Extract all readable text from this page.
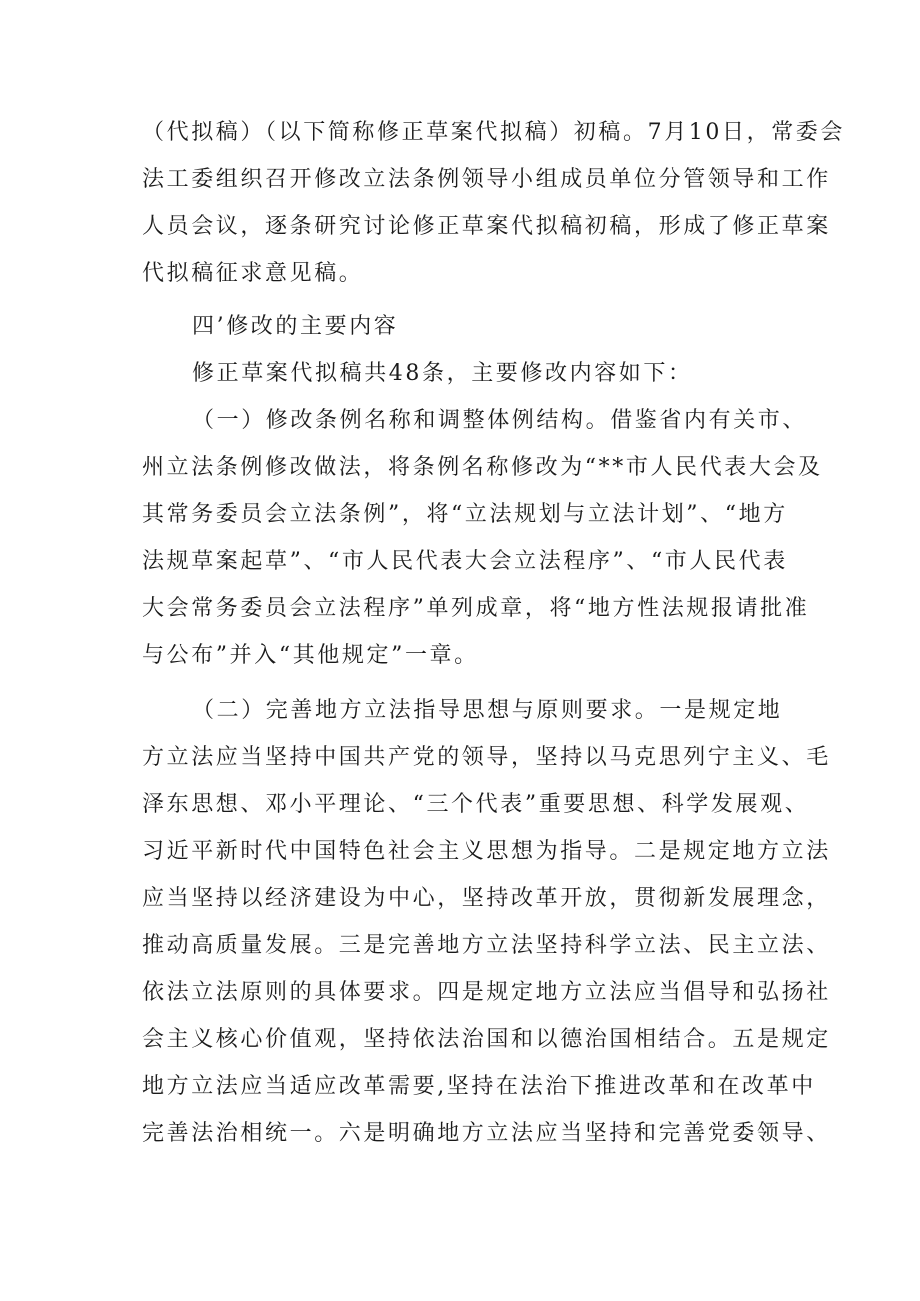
（代拟稿）（以下简称修正草案代拟稿）初稿。7月10日，常委会
法工委组织召开修改立法条例领导小组成员单位分管领导和工作
人员会议，逐条研究讨论修正草案代拟稿初稿，形成了修正草案
代拟稿征求意见稿。
四’修改的主要内容
修正草案代拟稿共48条，主要修改内容如下：
（一）修改条例名称和调整体例结构。借鉴省内有关市、
州立法条例修改做法，将条例名称修改为“**市人民代表大会及
其常务委员会立法条例”，将“立法规划与立法计划”、“地方
法规草案起草”、“市人民代表大会立法程序”、“市人民代表
大会常务委员会立法程序”单列成章，将“地方性法规报请批准
与公布”并入“其他规定”一章。
（二）完善地方立法指导思想与原则要求。一是规定地
方立法应当坚持中国共产党的领导，坚持以马克思列宁主义、毛
泽东思想、邓小平理论、“三个代表”重要思想、科学发展观、
习近平新时代中国特色社会主义思想为指导。二是规定地方立法
应当坚持以经济建设为中心，坚持改革开放，贯彻新发展理念，
推动高质量发展。三是完善地方立法坚持科学立法、民主立法、
依法立法原则的具体要求。四是规定地方立法应当倡导和弘扬社
会主义核心价值观，坚持依法治国和以德治国相结合。五是规定
地方立法应当适应改革需要,坚持在法治下推进改革和在改革中
完善法治相统一。六是明确地方立法应当坚持和完善党委领导、
